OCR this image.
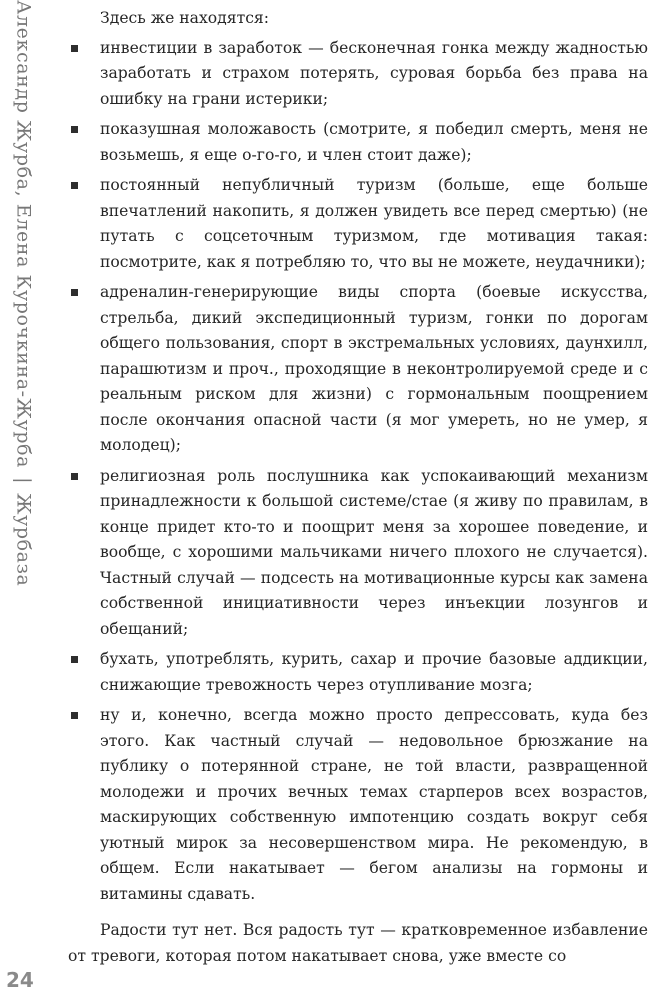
Александр Журба, Елена Курочкина-Журба|Журбаза
24

Здесь же находятся:

инвестиции в заработок — бесконечная гонка между жадностью заработать и страхом потерять, суровая борьба без права на ошибку на грани истерики;
показушная моложавость (смотрите, я победил смерть, меня не возьмешь, я еще о-го-го, и член стоит даже);
постоянный непубличный туризм (больше, еще больше впечатлений накопить, я должен увидеть все перед смертью) (не путать с соцсеточным туризмом, где мотивация такая: посмотрите, как я потребляю то, что вы не можете, неудачники);
адреналин-генерирующие виды спорта (боевые искусства, стрельба, дикий экспедиционный туризм, гонки по дорогам общего пользования, спорт в экстремальных условиях, даунхилл, парашютизм и проч., проходящие в неконтролируемой среде и с реальным риском для жизни) с гормональным поощрением после окончания опасной части (я мог умереть, но не умер, я молодец);
религиозная роль послушника как успокаивающий механизм принадлежности к большой системе/стае (я живу по правилам, в конце придет кто-то и поощрит меня за хорошее поведение, и вообще, с хорошими мальчиками ничего плохого не случается). Частный случай — подсесть на мотивационные курсы как замена собственной инициативности через инъекции лозунгов и обещаний;
бухать, употреблять, курить, сахар и прочие базовые аддикции, снижающие тревожность через отупливание мозга;
ну и, конечно, всегда можно просто депрессовать, куда без этого. Как частный случай — недовольное брюзжание на публику о потерянной стране, не той власти, развращенной молодежи и прочих вечных темах старперов всех возрастов, маскирующих собственную импотенцию создать вокруг себя уютный мирок за несовершенством мира. Не рекомендую, в общем. Если накатывает — бегом анализы на гормоны и витамины сдавать.

Радости тут нет. Вся радость тут — кратковременное избавление от тревоги, которая потом накатывает снова, уже вместе со
